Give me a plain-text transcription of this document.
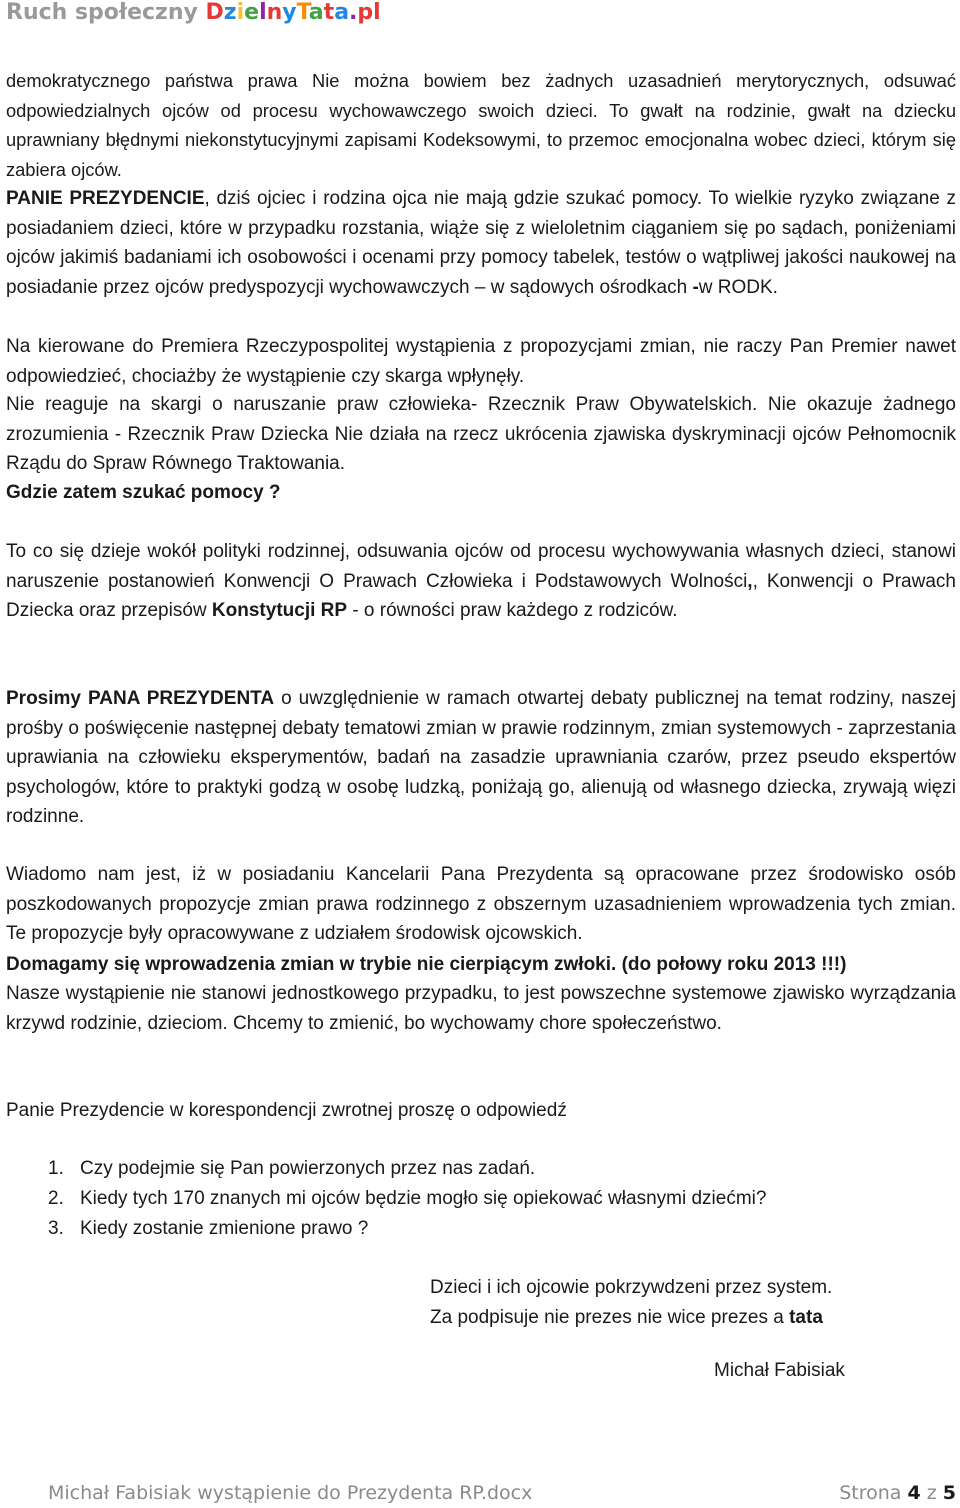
Ruch społeczny DzielnyTata.pl

demokratycznego państwa prawa Nie można bowiem bez żadnych uzasadnień merytorycznych, odsuwać odpowiedzialnych ojców od procesu wychowawczego swoich dzieci. To gwałt na rodzinie, gwałt na dziecku uprawniany błędnymi niekonstytucyjnymi zapisami Kodeksowymi, to przemoc emocjonalna wobec dzieci, którym się zabiera ojców.

PANIE PREZYDENCIE, dziś ojciec i rodzina ojca nie mają gdzie szukać pomocy. To wielkie ryzyko związane z posiadaniem dzieci, które w przypadku rozstania, wiąże się z wieloletnim ciąganiem się po sądach, poniżeniami ojców jakimiś badaniami ich osobowości i ocenami przy pomocy tabelek, testów o wątpliwej jakości naukowej na posiadanie przez ojców predyspozycji wychowawczych – w sądowych ośrodkach -w RODK.

Na kierowane do Premiera Rzeczypospolitej wystąpienia z propozycjami zmian, nie raczy Pan Premier nawet odpowiedzieć, chociażby że wystąpienie czy skarga wpłynęły.

Nie reaguje na skargi o naruszanie praw człowieka- Rzecznik Praw Obywatelskich. Nie okazuje żadnego zrozumienia - Rzecznik Praw Dziecka Nie działa na rzecz ukrócenia zjawiska dyskryminacji ojców Pełnomocnik Rządu do Spraw Równego Traktowania.

Gdzie zatem szukać pomocy ?

To co się dzieje wokół polityki rodzinnej, odsuwania ojców od procesu wychowywania własnych dzieci, stanowi naruszenie postanowień Konwencji O Prawach Człowieka i Podstawowych Wolności,, Konwencji o Prawach Dziecka oraz przepisów Konstytucji RP - o równości praw każdego z rodziców.

Prosimy PANA PREZYDENTA o uwzględnienie w ramach otwartej debaty publicznej na temat rodziny, naszej prośby o poświęcenie następnej debaty tematowi zmian w prawie rodzinnym, zmian systemowych - zaprzestania uprawiania na człowieku eksperymentów, badań na zasadzie uprawniania czarów, przez pseudo ekspertów psychologów, które to praktyki godzą w osobę ludzką, poniżają go, alienują od własnego dziecka, zrywają więzi rodzinne.

Wiadomo nam jest, iż w posiadaniu Kancelarii Pana Prezydenta są opracowane przez środowisko osób poszkodowanych propozycje zmian prawa rodzinnego z obszernym uzasadnieniem wprowadzenia tych zmian. Te propozycje były opracowywane z udziałem środowisk ojcowskich.

Domagamy się wprowadzenia zmian w trybie nie cierpiącym zwłoki. (do połowy roku 2013 !!!)

Nasze wystąpienie nie stanowi jednostkowego przypadku, to jest powszechne systemowe zjawisko wyrządzania krzywd rodzinie, dzieciom. Chcemy to zmienić, bo wychowamy chore społeczeństwo.

Panie Prezydencie w korespondencji zwrotnej proszę o odpowiedź

1. Czy podejmie się Pan powierzonych przez nas zadań.
2. Kiedy tych 170 znanych mi ojców będzie mogło się opiekować własnymi dziećmi?
3. Kiedy zostanie zmienione prawo ?
Dzieci i ich ojcowie pokrzywdzeni przez system.
Za podpisuje nie prezes nie wice prezes a tata
Michał Fabisiak
Michał Fabisiak wystąpienie do Prezydenta RP.docx	Strona 4 z 5
